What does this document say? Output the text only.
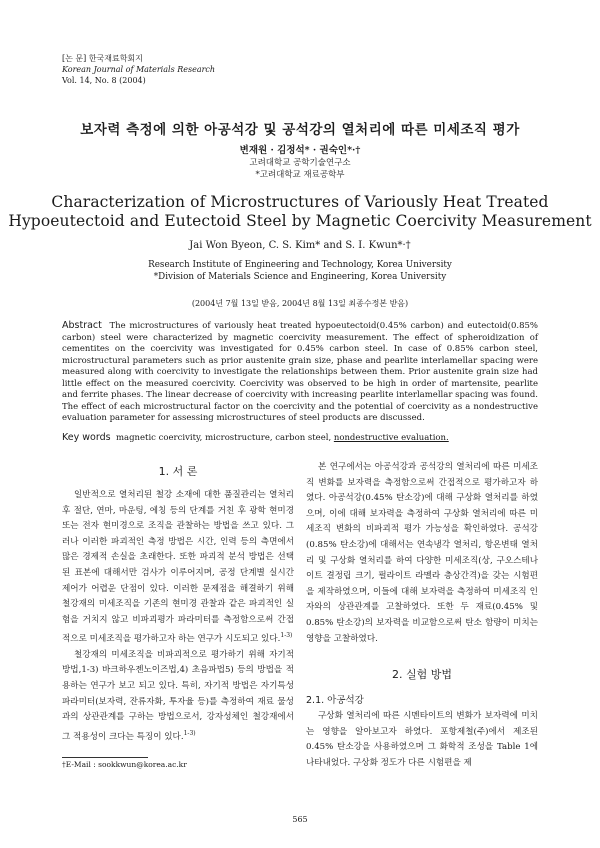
[논 문] 한국재료학회지
Korean Journal of Materials Research
Vol. 14, No. 8 (2004)
보자력 측정에 의한 아공석강 및 공석강의 열처리에 따른 미세조직 평가
변재원 · 김정석* · 권숙인*·†
고려대학교 공학기술연구소
*고려대학교 재료공학부
Characterization of Microstructures of Variously Heat Treated
Hypoeutectoid and Eutectoid Steel by Magnetic Coercivity Measurement
Jai Won Byeon, C. S. Kim* and S. I. Kwun*·†
Research Institute of Engineering and Technology, Korea University
*Division of Materials Science and Engineering, Korea University
(2004년 7월 13일 받음, 2004년 8월 13일 최종수정본 받음)
Abstract The microstructures of variously heat treated hypoeutectoid(0.45% carbon) and eutectoid(0.85% carbon) steel were characterized by magnetic coercivity measurement. The effect of spheroidization of cementites on the coercivity was investigated for 0.45% carbon steel. In case of 0.85% carbon steel, microstructural parameters such as prior austenite grain size, phase and pearlite interlamellar spacing were measured along with coercivity to investigate the relationships between them. Prior austenite grain size had little effect on the measured coercivity. Coercivity was observed to be high in order of martensite, pearlite and ferrite phases. The linear decrease of coercivity with increasing pearlite interlamellar spacing was found. The effect of each microstructural factor on the coercivity and the potential of coercivity as a nondestructive evaluation parameter for assessing microstructures of steel products are discussed.
Key words magnetic coercivity, microstructure, carbon steel, nondestructive evaluation.
1. 서 론

일반적으로 열처리된 철강 소재에 대한 품질관리는 열처리 후 절단, 연마, 마운팅, 에칭 등의 단계를 거친 후 광학 현미경 또는 전자 현미경으로 조직을 관찰하는 방법을 쓰고 있다. 그러나 이러한 파괴적인 측정 방법은 시간, 인력 등의 측면에서 많은 경제적 손실을 초래한다. 또한 파괴적 분석 방법은 선택된 표본에 대해서만 검사가 이루어지며, 공정 단계별 실시간 제어가 어렵운 단점이 있다. 이러한 문제점을 해결하기 위해 철강재의 미세조직을 기존의 현미경 관찰과 같은 파괴적인 실험을 거치지 않고 비파괴평가 파라미터를 측정함으로써 간접적으로 미세조직을 평가하고자 하는 연구가 시도되고 있다.$^{1-3)}$

철강재의 미세조직을 비파괴적으로 평가하기 위해 자기적 방법,1-3) 바크하우젠노이즈법,4) 초음파법5) 등의 방법을 적용하는 연구가 보고 되고 있다. 특히, 자기적 방법은 자기특성 파라미터(보자력, 잔류자화, 투자율 등)를 측정하여 재료 물성과의 상관관계를 구하는 방법으로서, 강자성체인 철강재에서 그 적용성이 크다는 특징이 있다.$^{1-3)}$

본 연구에서는 아공석강과 공석강의 열처리에 따른 미세조직 변화를 보자력을 측정함으로써 간접적으로 평가하고자 하였다. 아공석강(0.45% 탄소강)에 대해 구상화 열처리를 하였으며, 이에 대해 보자력을 측정하여 구상화 열처리에 따른 미세조직 변화의 비파괴적 평가 가능성을 확인하였다. 공석강(0.85% 탄소강)에 대해서는 연속냉각 열처리, 항온변태 열처리 및 구상화 열처리를 하여 다양한 미세조직(상, 구오스테나이트 결정립 크기, 펄라이트 라멜라 층상간격)을 갖는 시험편을 제작하였으며, 이들에 대해 보자력을 측정하여 미세조직 인자와의 상관관계를 고찰하였다. 또한 두 재료(0.45% 및 0.85% 탄소강)의 보자력을 비교함으로써 탄소 함량이 미치는 영향을 고찰하였다.

2. 실험 방법
2.1. 아공석강

구상화 열처리에 따른 시멘타이트의 변화가 보자력에 미치는 영향을 알아보고자 하였다. 포항제철(주)에서 제조된 0.45% 탄소강을 사용하였으며 그 화학적 조성을 Table 1에 나타내었다. 구상화 정도가 다른 시험편을 제

†E-Mail : sookkwun@korea.ac.kr
565
